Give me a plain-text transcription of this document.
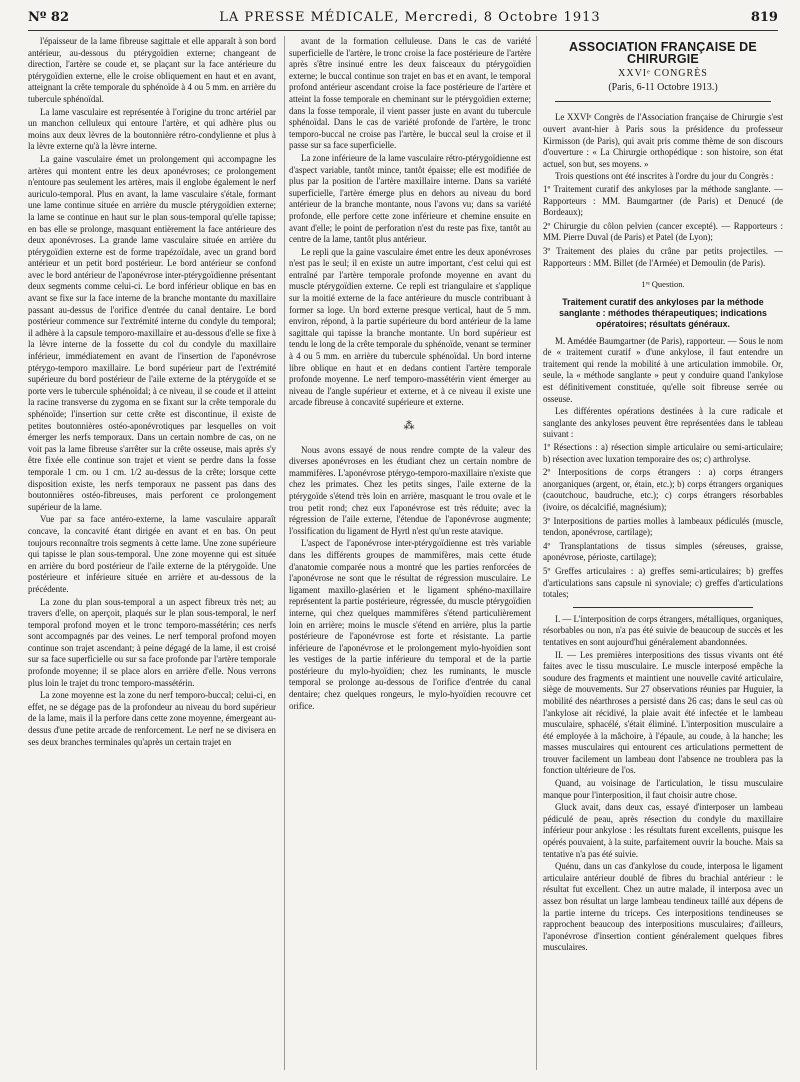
Nº 82	LA PRESSE MÉDICALE, Mercredi, 8 Octobre 1913	819

l'épaisseur de la lame fibreuse sagittale et elle apparaît à son bord antérieur, au-dessous du ptérygoïdien externe; changeant de direction, l'artère se coude et, se plaçant sur la face antérieure du ptérygoïdien externe, elle le croise obliquement en haut et en avant, atteignant la crête temporale du sphénoïde à 4 ou 5 mm. en arrière du tubercule sphénoïdal.

La lame vasculaire est représentée à l'origine du tronc artériel par un manchon celluleux qui entoure l'artère, et qui adhère plus ou moins aux deux lèvres de la boutonnière rétro-condylienne et plus à la lèvre externe qu'à la lèvre interne.

La gaine vasculaire émet un prolongement qui accompagne les artères qui montent entre les deux aponévroses; ce prolongement n'entoure pas seulement les artères, mais il englobe également le nerf auriculo-temporal. Plus en avant, la lame vasculaire s'étale, formant une lame continue située en arrière du muscle ptérygoïdien externe; la lame se continue en haut sur le plan sous-temporal qu'elle tapisse; en bas elle se prolonge, masquant entièrement la face antérieure des deux aponévroses. La grande lame vasculaire située en arrière du ptérygoïdien externe est de forme trapézoïdale, avec un grand bord antérieur et un petit bord postérieur. Le bord antérieur se confond avec le bord antérieur de l'aponévrose inter-ptérygoïdienne présentant deux segments comme celui-ci. Le bord inférieur oblique en bas en avant se fixe sur la face interne de la branche montante du maxillaire passant au-dessus de l'orifice d'entrée du canal dentaire. Le bord postérieur commence sur l'extrémité interne du condyle du temporal; il adhère à la capsule temporo-maxillaire et au-dessous d'elle se fixe à la lèvre interne de la fossette du col du condyle du maxillaire inférieur, immédiatement en avant de l'insertion de l'aponévrose ptérygo-temporo maxillaire. Le bord supérieur part de l'extrémité supérieure du bord postérieur de l'aile externe de la ptérygoïde et se porte vers le tubercule sphénoïdal; à ce niveau, il se coude et il atteint la racine transverse du zygoma en se fixant sur la crête temporale du sphénoïde; l'insertion sur cette crête est discontinue, il existe de petites boutonnières ostéo-aponévrotiques par lesquelles on voit émerger les nerfs temporaux. Dans un certain nombre de cas, on ne voit pas la lame fibreuse s'arrêter sur la crête osseuse, mais après s'y être fixée elle continue son trajet et vient se perdre dans la fosse temporale 1 cm. ou 1 cm. 1/2 au-dessus de la crête; lorsque cette disposition existe, les nerfs temporaux ne passent pas dans des boutonnières ostéo-fibreuses, mais perforent ce prolongement supérieur de la lame.

Vue par sa face antéro-externe, la lame vasculaire apparaît concave, la concavité étant dirigée en avant et en bas. On peut toujours reconnaître trois segments à cette lame. Une zone supérieure qui tapisse le plan sous-temporal. Une zone moyenne qui est située en arrière du bord postérieur de l'aile externe de la ptérygoïde. Une postérieure et inférieure située en arrière et au-dessous de la précédente.

La zone du plan sous-temporal a un aspect fibreux très net; au travers d'elle, on aperçoit, plaqués sur le plan sous-temporal, le nerf temporal profond moyen et le tronc temporo-massétérin; ces nerfs sont accompagnés par des veines. Le nerf temporal profond moyen continue son trajet ascendant; à peine dégagé de la lame, il est croisé sur sa face superficielle ou sur sa face profonde par l'artère temporale profonde moyenne; il se place alors en arrière d'elle. Nous verrons plus loin le trajet du tronc temporo-massétérin.

La zone moyenne est la zone du nerf temporo-buccal; celui-ci, en effet, ne se dégage pas de la profondeur au niveau du bord supérieur de la lame, mais il la perfore dans cette zone moyenne, émergeant au-dessus d'une petite arcade de renforcement. Le nerf ne se divisera en ses deux branches terminales qu'après un certain trajet en

avant de la formation celluleuse. Dans le cas de variété superficielle de l'artère, le tronc croise la face postérieure de l'artère après s'être insinué entre les deux faisceaux du ptérygoïdien externe; le buccal continue son trajet en bas et en avant, le temporal profond antérieur ascendant croise la face postérieure de l'artère et atteint la fosse temporale en cheminant sur le ptérygoïdien externe; dans la fosse temporale, il vient passer juste en avant du tubercule sphénoïdal. Dans le cas de variété profonde de l'artère, le tronc temporo-buccal ne croise pas l'artère, le buccal seul la croise et il passe sur sa face superficielle.

La zone inférieure de la lame vasculaire rétro-ptérygoïdienne est d'aspect variable, tantôt mince, tantôt épaisse; elle est modifiée de plus par la position de l'artère maxillaire interne. Dans sa variété superficielle, l'artère émerge plus en dehors au niveau du bord antérieur de la branche montante, nous l'avons vu; dans sa variété profonde, elle perfore cette zone inférieure et chemine ensuite en avant d'elle; le point de perforation n'est du reste pas fixe, tantôt au centre de la lame, tantôt plus antérieur.

Le repli que la gaine vasculaire émet entre les deux aponévroses n'est pas le seul; il en existe un autre important, c'est celui qui est entraîné par l'artère temporale profonde moyenne en avant du muscle ptérygoïdien externe. Ce repli est triangulaire et s'applique sur la moitié externe de la face antérieure du muscle contribuant à former sa loge. Un bord externe presque vertical, haut de 5 mm. environ, répond, à la partie supérieure du bord antérieur de la lame sagittale qui tapisse la branche montante. Un bord supérieur est tendu le long de la crête temporale du sphénoïde, venant se terminer à 4 ou 5 mm. en arrière du tubercule sphénoïdal. Un bord interne libre oblique en haut et en dedans contient l'artère temporale profonde moyenne. Le nerf temporo-massétérin vient émerger au niveau de l'angle supérieur et externe, et à ce niveau il existe une arcade fibreuse à concavité supérieure et externe.

⁂

Nous avons essayé de nous rendre compte de la valeur des diverses aponévroses en les étudiant chez un certain nombre de mammifères. L'aponévrose ptérygo-temporo-maxillaire n'existe que chez les primates. Chez les petits singes, l'aile externe de la ptérygoïde s'étend très loin en arrière, masquant le trou ovale et le trou petit rond; chez eux l'aponévrose est très réduite; avec la régression de l'aile externe, l'étendue de l'aponévrose augmente; l'ossification du ligament de Hyrtl n'est qu'un reste atavique.

L'aspect de l'aponévrose inter-ptérygoïdienne est très variable dans les différents groupes de mammifères, mais cette étude d'anatomie comparée nous a montré que les parties renforcées de l'aponévrose ne sont que le résultat de régression musculaire. Le ligament maxillo-glasérien et le ligament sphéno-maxillaire représentent la partie postérieure, régressée, du muscle ptérygoïdien interne, qui chez quelques mammifères s'étend particulièrement loin en arrière; moins le muscle s'étend en arrière, plus la partie postérieure de l'aponévrose est forte et résistante. La partie inférieure de l'aponévrose et le prolongement mylo-hyoïdien sont les vestiges de la partie inférieure du temporal et de la partie postérieure du mylo-hyoïdien; chez les ruminants, le muscle temporal se prolonge au-dessous de l'orifice d'entrée du canal dentaire; chez quelques rongeurs, le mylo-hyoïdien recouvre cet orifice.

ASSOCIATION FRANÇAISE DE CHIRURGIE
XXVIᵉ CONGRÈS
(Paris, 6-11 Octobre 1913.)

Le XXVIᵉ Congrès de l'Association française de Chirurgie s'est ouvert avant-hier à Paris sous la présidence du professeur Kirmisson (de Paris), qui avait pris comme thème de son discours d'ouverture : « La Chirurgie orthopédique : son histoire, son état actuel, son but, ses moyens. »

Trois questions ont été inscrites à l'ordre du jour du Congrès :

1º Traitement curatif des ankyloses par la méthode sanglante. — Rapporteurs : MM. Baumgartner (de Paris) et Denucé (de Bordeaux);

2º Chirurgie du côlon pelvien (cancer excepté). — Rapporteurs : MM. Pierre Duval (de Paris) et Patel (de Lyon);

3º Traitement des plaies du crâne par petits projectiles. — Rapporteurs : MM. Billet (de l'Armée) et Demoulin (de Paris).

1ʳᵉ Question.
Traitement curatif des ankyloses par la méthode sanglante : méthodes thérapeutiques; indications opératoires; résultats généraux.

M. Amédée Baumgartner (de Paris), rapporteur. — Sous le nom de « traitement curatif » d'une ankylose, il faut entendre un traitement qui rende la mobilité à une articulation immobile. Or, seule, la « méthode sanglante » peut y conduire quand l'ankylose est définitivement constituée, qu'elle soit fibreuse serrée ou osseuse.

Les différentes opérations destinées à la cure radicale et sanglante des ankyloses peuvent être représentées dans le tableau suivant :

1º Résections : a) résection simple articulaire ou semi-articulaire; b) résection avec luxation temporaire des os; c) arthrolyse.

2º Interpositions de corps étrangers : a) corps étrangers anorganiques (argent, or, étain, etc.); b) corps étrangers organiques (caoutchouc, baudruche, etc.); c) corps étrangers résorbables (ivoire, os décalcifié, magnésium);

3º Interpositions de parties molles à lambeaux pédiculés (muscle, tendon, aponévrose, cartilage);

4º Transplantations de tissus simples (séreuses, graisse, aponévrose, périoste, cartilage);

5º Greffes articulaires : a) greffes semi-articulaires; b) greffes d'articulations sans capsule ni synoviale; c) greffes d'articulations totales;

I. — L'interposition de corps étrangers, métalliques, organiques, résorbables ou non, n'a pas été suivie de beaucoup de succès et les tentatives en sont aujourd'hui généralement abandonnées.

II. — Les premières interpositions des tissus vivants ont été faites avec le tissu musculaire. Le muscle interposé empêche la soudure des fragments et maintient une nouvelle cavité articulaire, siège de mouvements. Sur 27 observations réunies par Huguier, la mobilité des néarthroses a persisté dans 26 cas; dans le seul cas où l'ankylose ait récidivé, la plaie avait été infectée et le lambeau musculaire, sphacélé, s'était éliminé. L'interposition musculaire a été employée à la mâchoire, à l'épaule, au coude, à la hanche; les masses musculaires qui entourent ces articulations permettent de trouver facilement un lambeau dont l'absence ne troublera pas la fonction ultérieure de l'os.

Quand, au voisinage de l'articulation, le tissu musculaire manque pour l'interposition, il faut choisir autre chose.

Gluck avait, dans deux cas, essayé d'interposer un lambeau pédiculé de peau, après résection du condyle du maxillaire inférieur pour ankylose : les résultats furent excellents, puisque les opérés pouvaient, à la suite, parfaitement ouvrir la bouche. Mais sa tentative n'a pas été suivie.

Quénu, dans un cas d'ankylose du coude, interposa le ligament articulaire antérieur doublé de fibres du brachial antérieur : le résultat fut excellent. Chez un autre malade, il interposa avec un assez bon résultat un large lambeau tendineux taillé aux dépens de la partie interne du triceps. Ces interpositions tendineuses se rapprochent beaucoup des interpositions musculaires; d'ailleurs, l'aponévrose d'insertion contient généralement quelques fibres musculaires.
